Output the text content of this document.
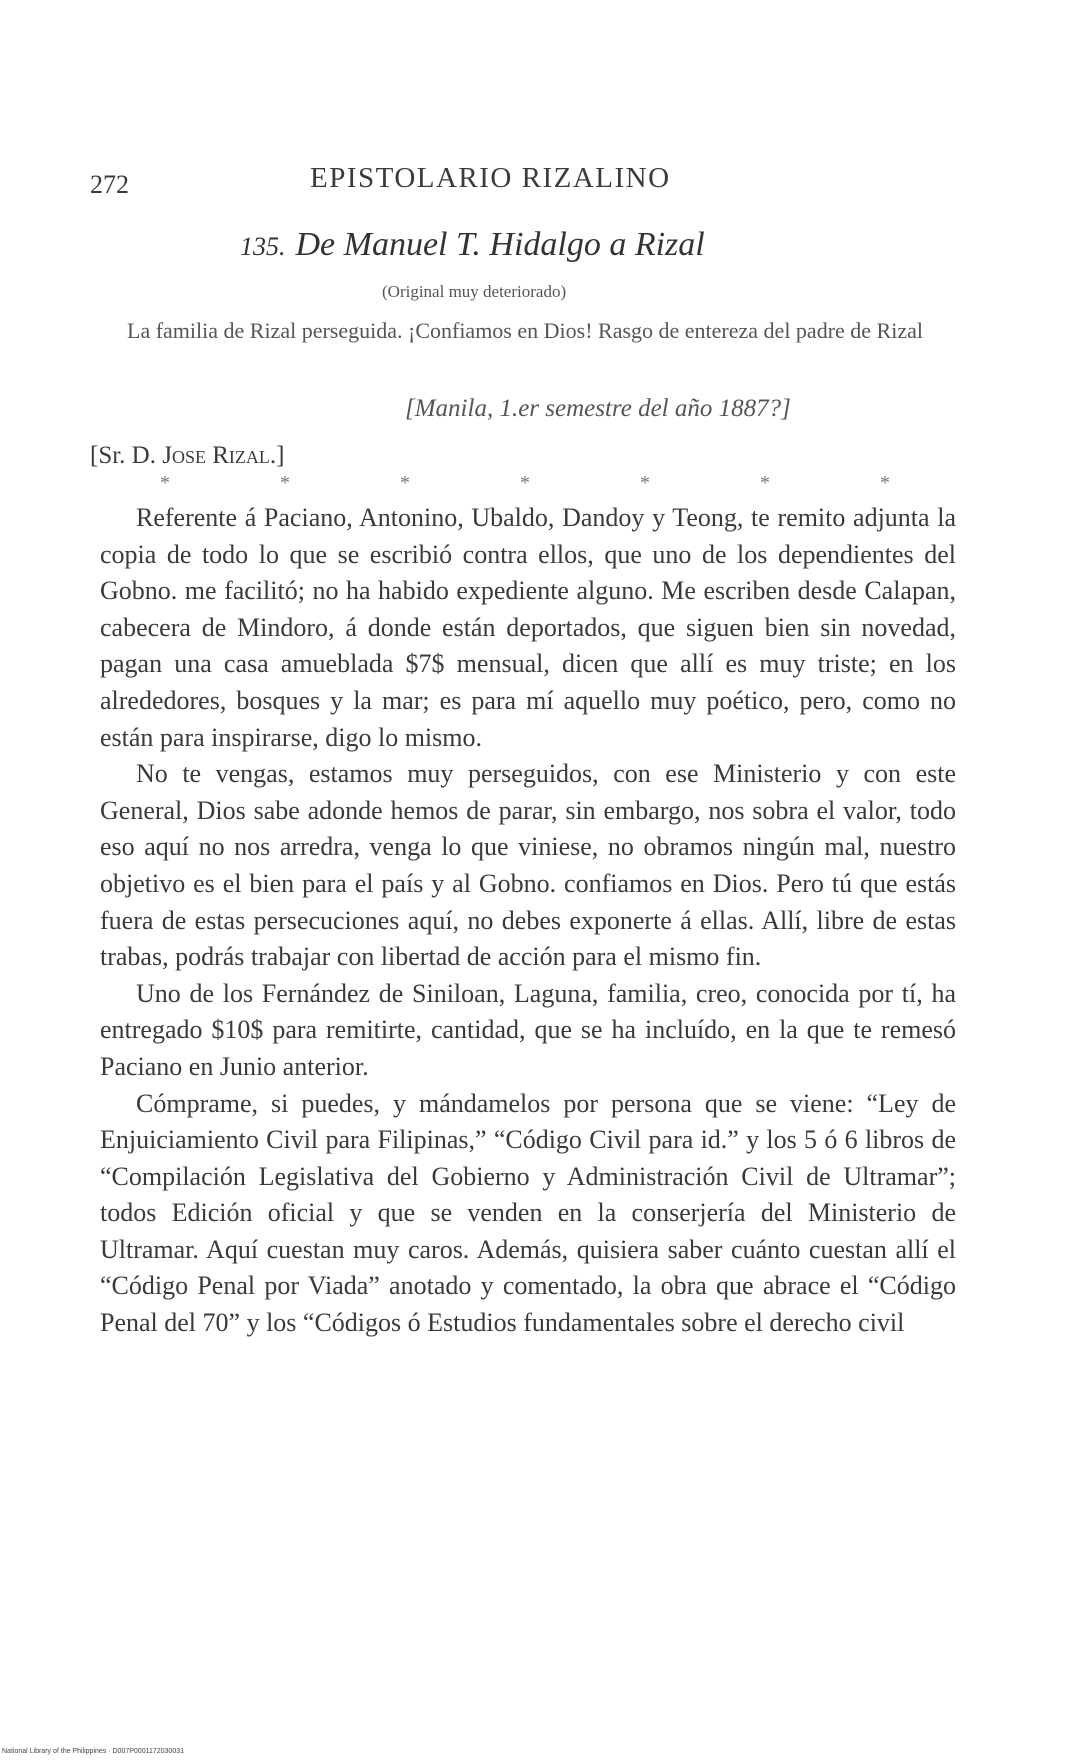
272	EPISTOLARIO RIZALINO
135. De Manuel T. Hidalgo a Rizal
(Original muy deteriorado)
La familia de Rizal perseguida. ¡Confiamos en Dios! Rasgo de entereza del padre de Rizal
[Manila, 1.er semestre del año 1887?]
[Sr. D. Jose Rizal.]
*	*	*	*	*	*	*

Referente á Paciano, Antonino, Ubaldo, Dandoy y Teong, te remito adjunta la copia de todo lo que se escribió contra ellos, que uno de los dependientes del Gobno. me facilitó; no ha habido expediente alguno. Me escriben desde Calapan, cabecera de Mindoro, á donde están deportados, que siguen bien sin novedad, pagan una casa amueblada $7$ mensual, dicen que allí es muy triste; en los alrededores, bosques y la mar; es para mí aquello muy poético, pero, como no están para inspirarse, digo lo mismo.

No te vengas, estamos muy perseguidos, con ese Ministerio y con este General, Dios sabe adonde hemos de parar, sin embargo, nos sobra el valor, todo eso aquí no nos arredra, venga lo que viniese, no obramos ningún mal, nuestro objetivo es el bien para el país y al Gobno. confiamos en Dios. Pero tú que estás fuera de estas persecuciones aquí, no debes exponerte á ellas. Allí, libre de estas trabas, podrás trabajar con libertad de acción para el mismo fin.

Uno de los Fernández de Siniloan, Laguna, familia, creo, conocida por tí, ha entregado $10$ para remitirte, cantidad, que se ha incluído, en la que te remesó Paciano en Junio anterior.

Cómprame, si puedes, y mándamelos por persona que se viene: “Ley de Enjuiciamiento Civil para Filipinas,” “Código Civil para id.” y los 5 ó 6 libros de “Compilación Legislativa del Gobierno y Administración Civil de Ultramar”; todos Edición oficial y que se venden en la conserjería del Ministerio de Ultramar. Aquí cuestan muy caros. Además, quisiera saber cuánto cuestan allí el “Código Penal por Viada” anotado y comentado, la obra que abrace el “Código Penal del 70” y los “Códigos ó Estudios fundamentales sobre el derecho civil

National Library of the Philippines · D007P0001172030031
